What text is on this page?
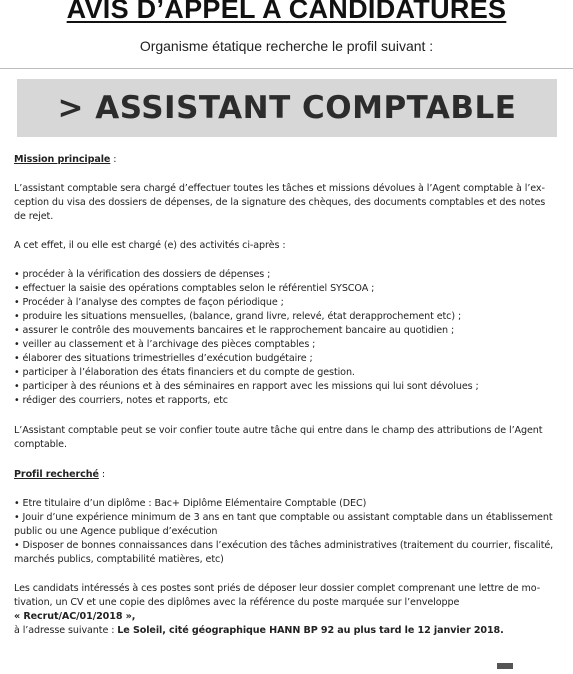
AVIS D’APPEL A CANDIDATURES
Organisme étatique recherche le profil suivant :
> ASSISTANT COMPTABLE
Mission principale :
L’assistant comptable sera chargé d’effectuer toutes les tâches et missions dévolues à l’Agent comptable à l’ex-
ception du visa des dossiers de dépenses, de la signature des chèques, des documents comptables et des notes
de rejet.
A cet effet, il ou elle est chargé (e) des activités ci-après :
• procéder à la vérification des dossiers de dépenses ;
• effectuer la saisie des opérations comptables selon le référentiel SYSCOA ;
• Procéder à l’analyse des comptes de façon périodique ;
• produire les situations mensuelles, (balance, grand livre, relevé, état derapprochement etc) ;
• assurer le contrôle des mouvements bancaires et le rapprochement bancaire au quotidien ;
• veiller au classement et à l’archivage des pièces comptables ;
• élaborer des situations trimestrielles d’exécution budgétaire ;
• participer à l’élaboration des états financiers et du compte de gestion.
• participer à des réunions et à des séminaires en rapport avec les missions qui lui sont dévolues ;
• rédiger des courriers, notes et rapports, etc
L’Assistant comptable peut se voir confier toute autre tâche qui entre dans le champ des attributions de l’Agent
comptable.
Profil recherché :
• Etre titulaire d’un diplôme : Bac+ Diplôme Elémentaire Comptable (DEC)
• Jouir d’une expérience minimum de 3 ans en tant que comptable ou assistant comptable dans un établissement
public ou une Agence publique d’exécution
• Disposer de bonnes connaissances dans l’exécution des tâches administratives (traitement du courrier, fiscalité,
marchés publics, comptabilité matières, etc)
Les candidats intéressés à ces postes sont priés de déposer leur dossier complet comprenant une lettre de mo-
tivation, un CV et une copie des diplômes avec la référence du poste marquée sur l’enveloppe
« Recrut/AC/01/2018 »,
à l’adresse suivante : Le Soleil, cité géographique HANN BP 92 au plus tard le 12 janvier 2018.
